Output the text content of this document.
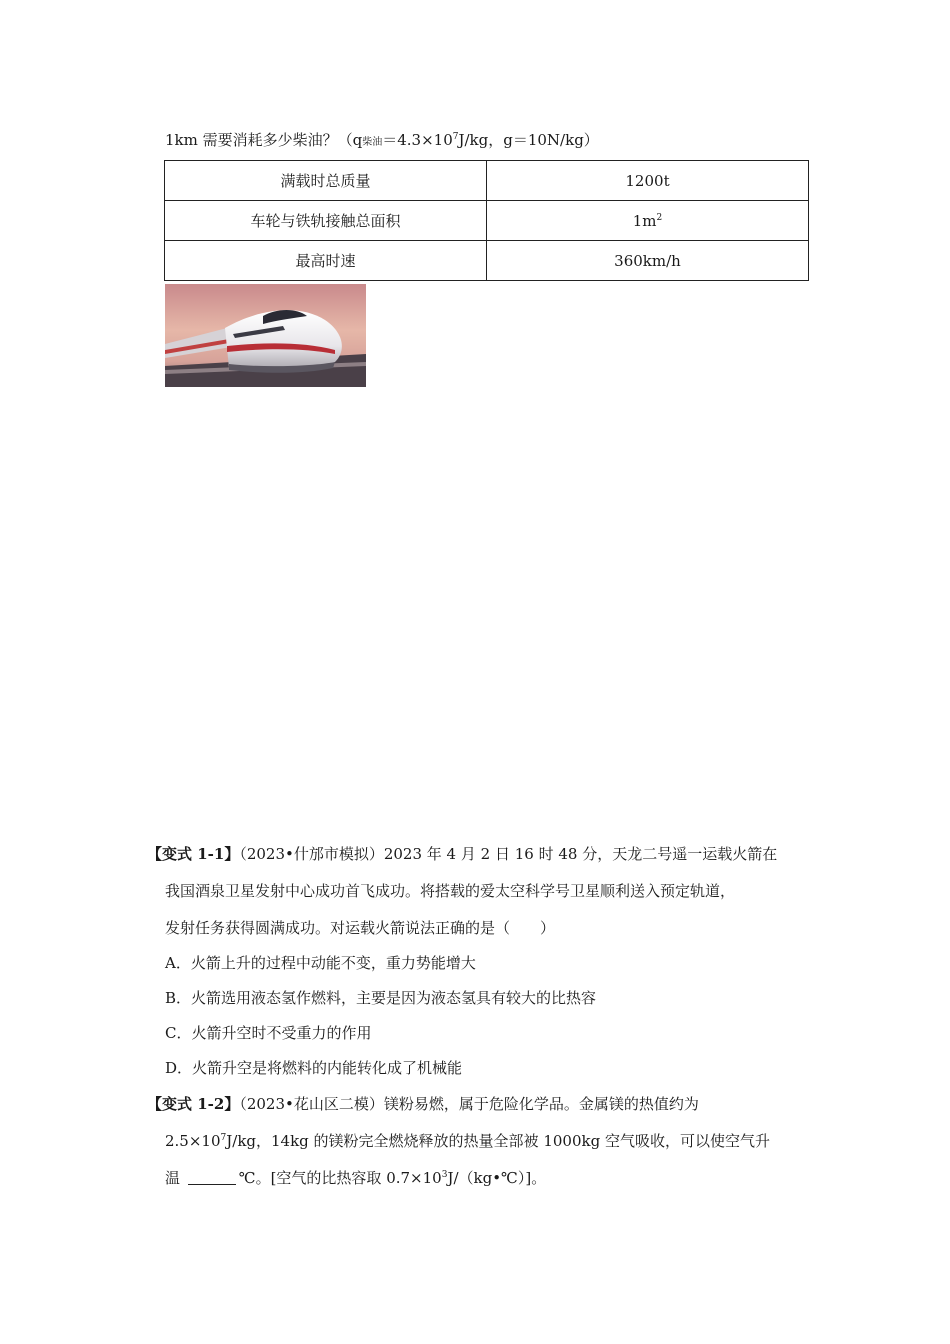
1km 需要消耗多少柴油？（q柴油$=4.3\times 10^7J/kg$，g＝10N/kg）
满载时总质量	1200t
车轮与铁轨接触总面积	$1m^2$
最高时速	360km/h
【变式 1-1】（2023•什邡市模拟）2023 年 4 月 2 日 16 时 48 分，天龙二号遥一运载火箭在
我国酒泉卫星发射中心成功首飞成功。将搭载的爱太空科学号卫星顺利送入预定轨道，
发射任务获得圆满成功。对运载火箭说法正确的是（　　）
A．火箭上升的过程中动能不变，重力势能增大
B．火箭选用液态氢作燃料，主要是因为液态氢具有较大的比热容
C．火箭升空时不受重力的作用
D．火箭升空是将燃料的内能转化成了机械能
【变式 1-2】（2023•花山区二模）镁粉易燃，属于危险化学品。金属镁的热值约为
$2.5\times 10^7J/kg$，14kg 的镁粉完全燃烧释放的热量全部被 1000kg 空气吸收，可以使空气升
温	℃。[空气的比热容取 $0.7\times 10^3J/(kg•℃)$]。
